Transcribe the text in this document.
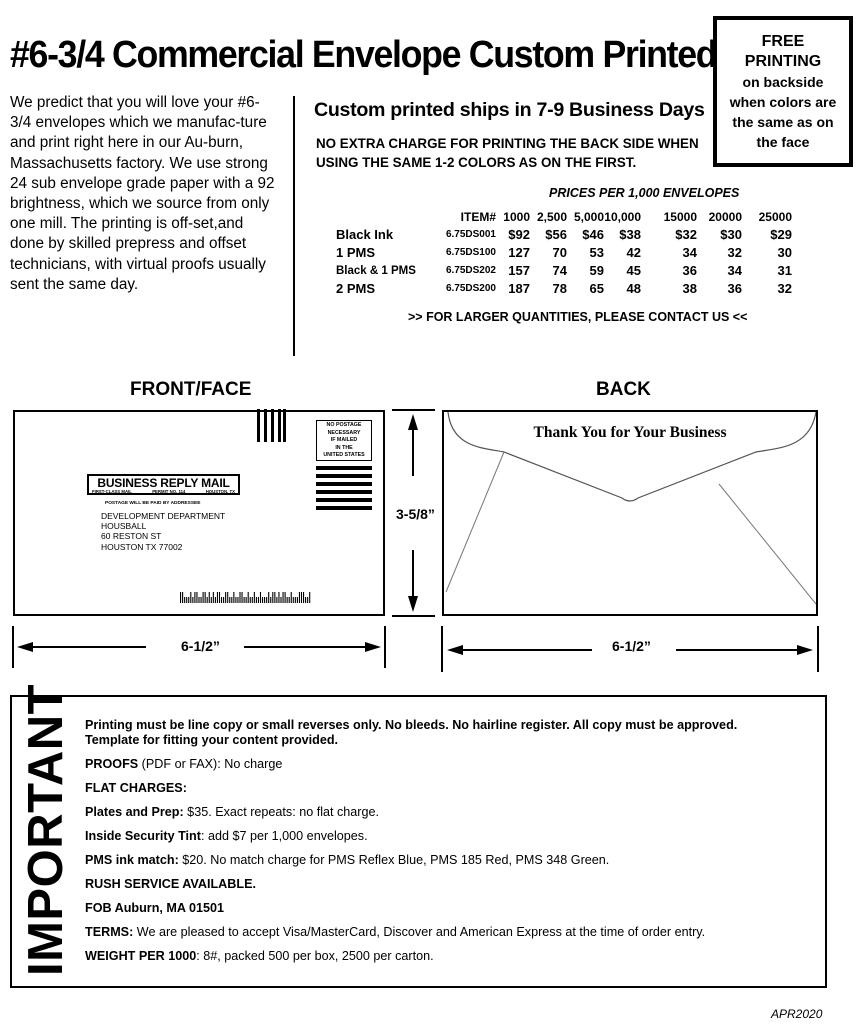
#6-3/4 Commercial Envelope Custom Printed	FREE
PRINTING
on backside
when colors are
the same as on
the face
We predict that you will love your #6-3/4 envelopes which we manufac-ture and print right here in our Au-burn, Massachusetts factory. We use strong 24 sub envelope grade paper with a 92 brightness, which we source from only one mill. The printing is off-set,and done by skilled prepress and offset technicians, with virtual proofs usually sent the same day.
Custom printed ships in 7-9 Business Days
NO EXTRA CHARGE FOR PRINTING THE BACK SIDE WHEN
USING THE SAME 1-2 COLORS AS ON THE FIRST.
PRICES PER 1,000 ENVELOPES
	ITEM#	1000	2,500	5,000	10,000	15000	20000	25000
Black Ink	6.75DS001	$92	$56	$46	$38	$32	$30	$29
1 PMS	6.75DS100	127	70	53	42	34	32	30
Black & 1 PMS	6.75DS202	157	74	59	45	36	34	31
2 PMS	6.75DS200	187	78	65	48	38	36	32
>> FOR LARGER QUANTITIES, PLEASE CONTACT US <<
FRONT/FACE	BACK
NO POSTAGE
NECESSARY
IF MAILED
IN THE
UNITED STATES
BUSINESS REPLY MAIL
FIRST-CLASS MAIL	PERMIT NO. 114	HOUSTON, TX
POSTAGE WILL BE PAID BY ADDRESSEE
DEVELOPMENT DEPARTMENT
HOUSBALL
60 RESTON ST
HOUSTON TX 77002
Thank You for Your Business
3-5/8”
6-1/2”	6-1/2”
IMPORTANT Printing must be line copy or small reverses only. No bleeds. No hairline register. All copy must be approved.
Template for fitting your content provided.
PROOFS (PDF or FAX): No charge
FLAT CHARGES:
Plates and Prep: $35. Exact repeats: no flat charge.
Inside Security Tint: add $7 per 1,000 envelopes.
PMS ink match: $20. No match charge for PMS Reflex Blue, PMS 185 Red, PMS 348 Green.
RUSH SERVICE AVAILABLE.
FOB Auburn, MA 01501
TERMS: We are pleased to accept Visa/MasterCard, Discover and American Express at the time of order entry.
WEIGHT PER 1000: 8#, packed 500 per box, 2500 per carton.
APR2020
